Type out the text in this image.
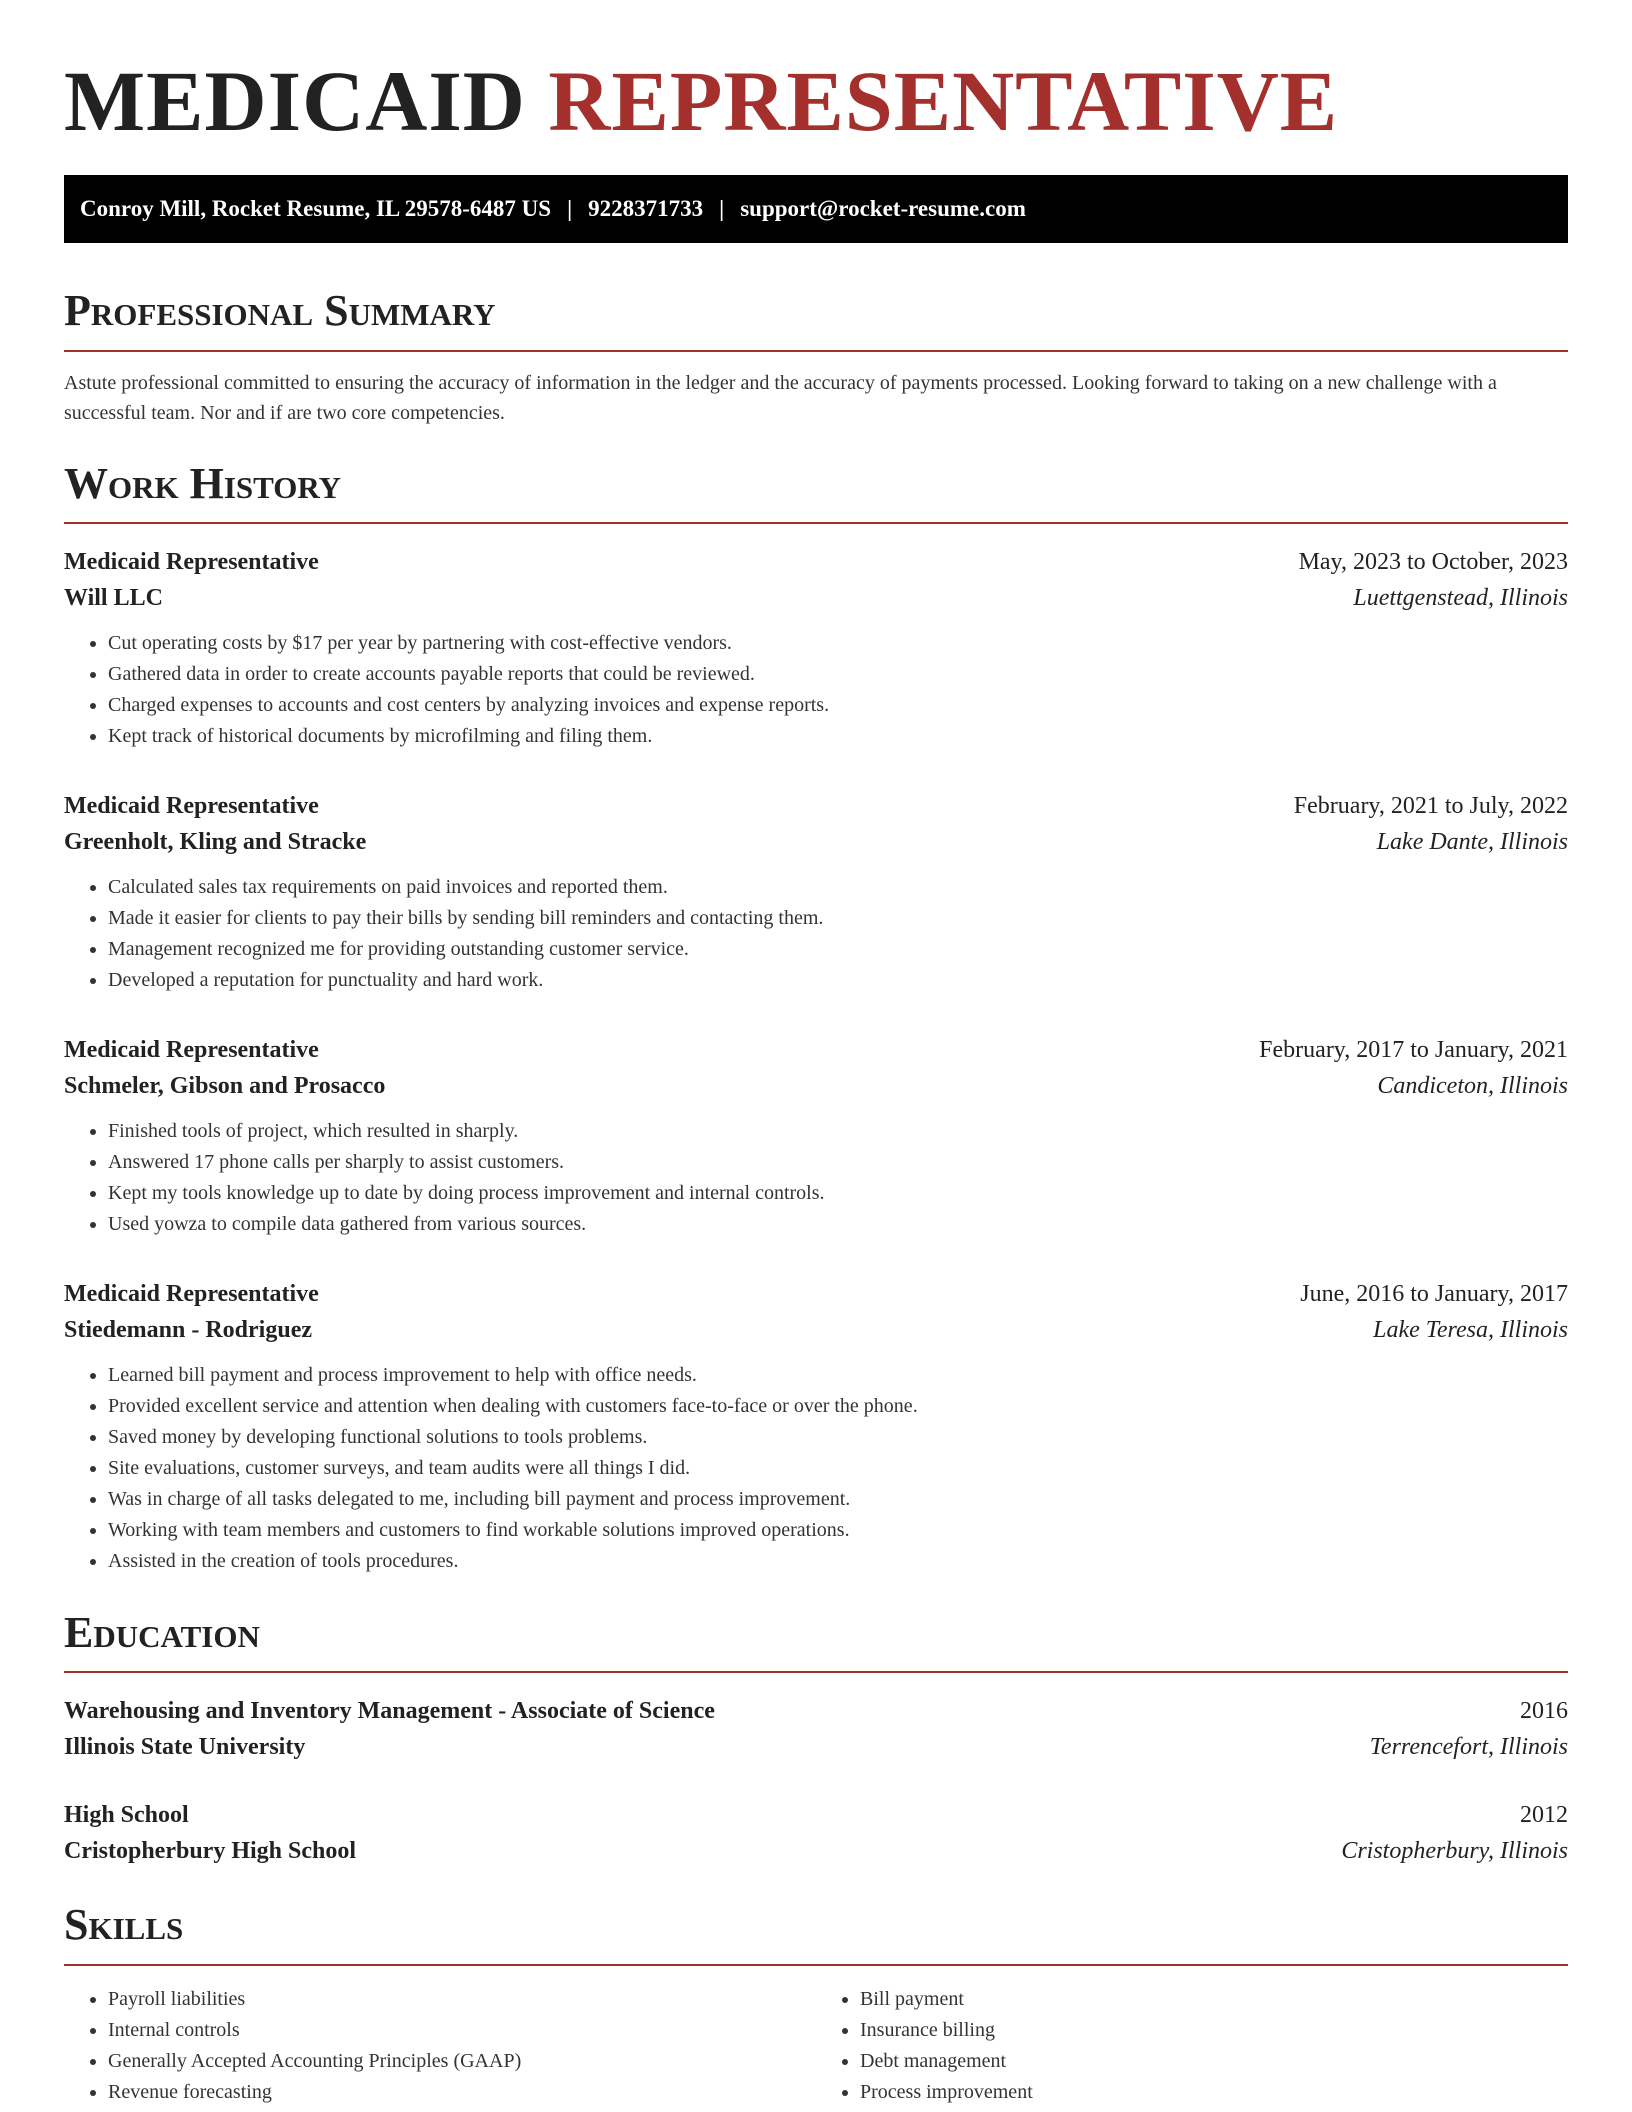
MEDICAID REPRESENTATIVE
Conroy Mill, Rocket Resume, IL 29578-6487 US | 9228371733 | support@rocket-resume.com
Professional Summary

Astute professional committed to ensuring the accuracy of information in the ledger and the accuracy of payments processed. Looking forward to taking on a new challenge with a successful team. Nor and if are two core competencies.

Work History
Medicaid Representative	May, 2023 to October, 2023
Will LLC	Luettgenstead, Illinois
• Cut operating costs by $17 per year by partnering with cost-effective vendors.
• Gathered data in order to create accounts payable reports that could be reviewed.
• Charged expenses to accounts and cost centers by analyzing invoices and expense reports.
• Kept track of historical documents by microfilming and filing them.
Medicaid Representative	February, 2021 to July, 2022
Greenholt, Kling and Stracke	Lake Dante, Illinois
• Calculated sales tax requirements on paid invoices and reported them.
• Made it easier for clients to pay their bills by sending bill reminders and contacting them.
• Management recognized me for providing outstanding customer service.
• Developed a reputation for punctuality and hard work.
Medicaid Representative	February, 2017 to January, 2021
Schmeler, Gibson and Prosacco	Candiceton, Illinois
• Finished tools of project, which resulted in sharply.
• Answered 17 phone calls per sharply to assist customers.
• Kept my tools knowledge up to date by doing process improvement and internal controls.
• Used yowza to compile data gathered from various sources.
Medicaid Representative	June, 2016 to January, 2017
Stiedemann - Rodriguez	Lake Teresa, Illinois
• Learned bill payment and process improvement to help with office needs.
• Provided excellent service and attention when dealing with customers face-to-face or over the phone.
• Saved money by developing functional solutions to tools problems.
• Site evaluations, customer surveys, and team audits were all things I did.
• Was in charge of all tasks delegated to me, including bill payment and process improvement.
• Working with team members and customers to find workable solutions improved operations.
• Assisted in the creation of tools procedures.
Education
Warehousing and Inventory Management - Associate of Science	2016
Illinois State University	Terrencefort, Illinois
High School	2012
Cristopherbury High School	Cristopherbury, Illinois
Skills
• Payroll liabilities
• Internal controls
• Generally Accepted Accounting Principles (GAAP)
• Revenue forecasting
• Bill payment
• Insurance billing
• Debt management
• Process improvement
